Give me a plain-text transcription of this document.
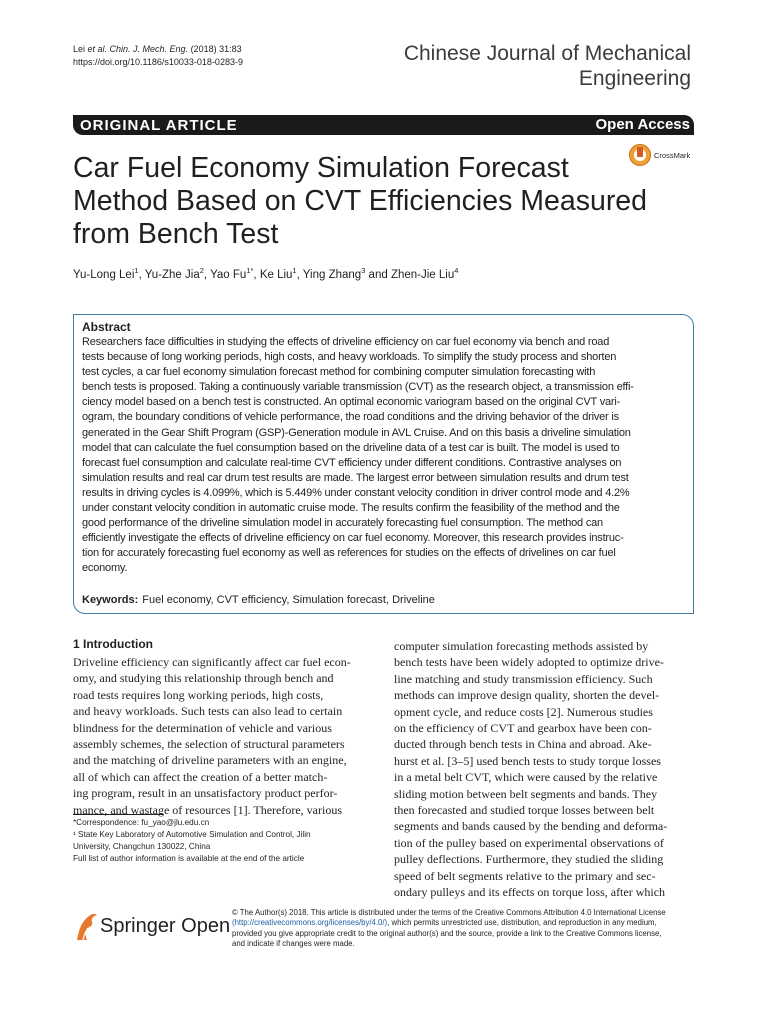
Lei et al. Chin. J. Mech. Eng. (2018) 31:83
https://doi.org/10.1186/s10033-018-0283-9	Chinese Journal of Mechanical
Engineering
ORIGINAL ARTICLE	Open Access
Car Fuel Economy Simulation Forecast
Method Based on CVT Efficiencies Measured
from Bench Test
CrossMark
Yu-Long Lei$^1$, Yu-Zhe Jia$^2$, Yao $Fu^{1*}$, Ke Liu$^1$, Ying Zhang$^3$ and Zhen-Jie Liu$^4$
Abstract
Researchers face difficulties in studying the effects of driveline efficiency on car fuel economy via bench and road
tests because of long working periods, high costs, and heavy workloads. To simplify the study process and shorten
test cycles, a car fuel economy simulation forecast method for combining computer simulation forecasting with
bench tests is proposed. Taking a continuously variable transmission (CVT) as the research object, a transmission effi-
ciency model based on a bench test is constructed. An optimal economic variogram based on the original CVT vari-
ogram, the boundary conditions of vehicle performance, the road conditions and the driving behavior of the driver is
generated in the Gear Shift Program (GSP)-Generation module in AVL Cruise. And on this basis a driveline simulation
model that can calculate the fuel consumption based on the driveline data of a test car is built. The model is used to
forecast fuel consumption and calculate real-time CVT efficiency under different conditions. Contrastive analyses on
simulation results and real car drum test results are made. The largest error between simulation results and drum test
results in driving cycles is 4.099%, which is 5.449% under constant velocity condition in driver control mode and 4.2%
under constant velocity condition in automatic cruise mode. The results confirm the feasibility of the method and the
good performance of the driveline simulation model in accurately forecasting fuel consumption. The method can
efficiently investigate the effects of driveline efficiency on car fuel economy. Moreover, this research provides instruc-
tion for accurately forecasting fuel economy as well as references for studies on the effects of drivelines on car fuel
economy.
Keywords: Fuel economy, CVT efficiency, Simulation forecast, Driveline
1 Introduction
Driveline efficiency can significantly affect car fuel econ-
omy, and studying this relationship through bench and
road tests requires long working periods, high costs,
and heavy workloads. Such tests can also lead to certain
blindness for the determination of vehicle and various
assembly schemes, the selection of structural parameters
and the matching of driveline parameters with an engine,
all of which can affect the creation of a better match-
ing program, result in an unsatisfactory product perfor-
mance, and wastage of resources [1]. Therefore, various
computer simulation forecasting methods assisted by
bench tests have been widely adopted to optimize drive-
line matching and study transmission efficiency. Such
methods can improve design quality, shorten the devel-
opment cycle, and reduce costs [2]. Numerous studies
on the efficiency of CVT and gearbox have been con-
ducted through bench tests in China and abroad. Ake-
hurst et al. [3–5] used bench tests to study torque losses
in a metal belt CVT, which were caused by the relative
sliding motion between belt segments and bands. They
then forecasted and studied torque losses between belt
segments and bands caused by the bending and deforma-
tion of the pulley based on experimental observations of
pulley deflections. Furthermore, they studied the sliding
speed of belt segments relative to the primary and sec-
ondary pulleys and its effects on torque loss, after which
*Correspondence: fu_yao@jlu.edu.cn
¹ State Key Laboratory of Automotive Simulation and Control, Jilin
University, Changchun 130022, China
Full list of author information is available at the end of the article
Springer Open
© The Author(s) 2018. This article is distributed under the terms of the Creative Commons Attribution 4.0 International License
(http://creativecommons.org/licenses/by/4.0/), which permits unrestricted use, distribution, and reproduction in any medium,
provided you give appropriate credit to the original author(s) and the source, provide a link to the Creative Commons license,
and indicate if changes were made.
